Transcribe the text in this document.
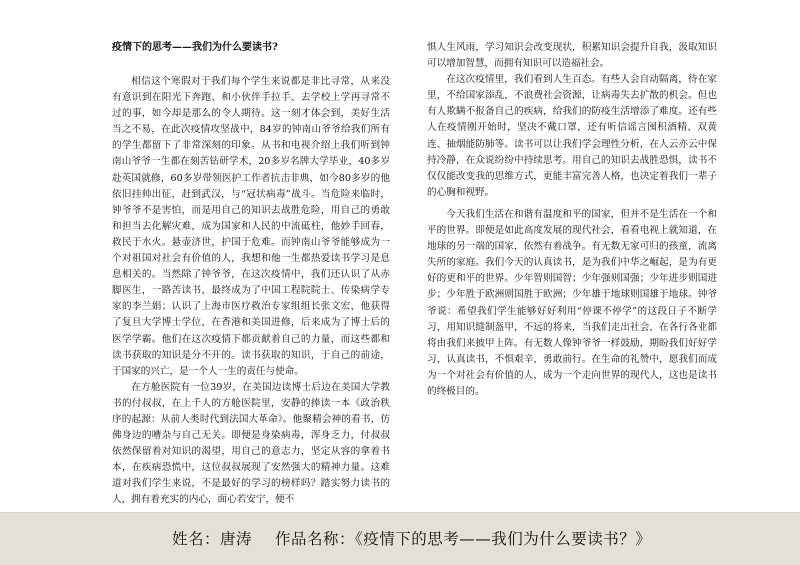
疫情下的思考——我们为什么要读书?

相信这个寒假对于我们每个学生来说都是非比寻常，从来没有意识到在阳光下奔跑、和小伙伴手拉手、去学校上学再寻常不过的事，如今却是那么的令人期待。这一刻才体会到，美好生活当之不易，在此次疫情攻坚战中，84岁的钟南山爷爷给我们所有的学生都留下了非常深刻的印象。从书和电视介绍上我们听到钟南山爷爷一生都在刻苦钻研学术，20多岁名牌大学毕业，40多岁赴英国就修，60多岁带领医护工作者抗击非典，如今80多岁的他依旧挂帅出征，赶到武汉，与“冠状病毒”战斗。当危险来临时，钟爷爷不是害怕，而是用自己的知识去战胜危险，用自己的勇敢和担当去化解灾难，成为国家和人民的中流砥柱，他妙手回春，救民于水火。悬壶济世，护国于危难。而钟南山爷爷能够成为一个对祖国对社会有价值的人，我想和他一生都热爱读书学习是息息相关的。当然除了钟爷爷，在这次疫情中，我们还认识了从赤脚医生，一路苦读书，最终成为了中国工程院院士、传染病学专家的李兰娟；认识了上海市医疗救治专家组组长张文宏，他获得了复旦大学博士学位，在香港和美国进修，后来成为了博士后的医学学霸。他们在这次疫情下都贡献着自己的力量，而这些都和读书获取的知识是分不开的。读书获取的知识，于自己的前途，于国家的兴亡，是一个人一生的责任与使命。

在方舱医院有一位39岁，在美国边读博士后边在美国大学教书的付叔叔，在上千人的方舱医院里，安静的捧读一本《政治秩序的起源：从前人类时代到法国大革命》。他聚精会神的看书，仿佛身边的嘈杂与自己无关。即便是身染病毒，浑身乏力，付叔叔依然保留着对知识的渴望，用自己的意志力，坚定从容的拿着书本，在疾病恐慌中，这位叔叔展现了安然强大的精神力量。这难道对我们学生来说，不是最好的学习的榜样吗？踏实努力读书的人，拥有着充实的内心，面心若安宁，便不

惧人生风雨，学习知识会改变现状，积累知识会提升自我，汲取知识可以增加智慧，而拥有知识可以造福社会。

在这次疫情里，我们看到人生百态。有些人会自动隔离，待在家里，不给国家添乱，不浪费社会资源，让病毒失去扩散的机会。但也有人欺瞒不报备自己的疾病，给我们的防疫生活增添了难度。还有些人在疫情刚开始时，坚决不戴口罩，还有听信谣言囤积酒精、双黄连、抽烟能防肺等。读书可以让我们学会理性分析，在人云亦云中保持冷静，在众说纷纷中持续思考。用自己的知识去战胜恐惧，读书不仅仅能改变我的思维方式，更能丰富完善人格，也决定着我们一辈子的心胸和视野。

今天我们生活在和谐有温度和平的国家，但并不是生活在一个和平的世界。即便是如此高度发展的现代社会，看看电视上就知道，在地球的另一端的国家，依然有着战争。有无数无家可归的孩童，流离失所的家庭。我们今天的认真读书，是为我们中华之崛起，是为有更好的更和平的世界。少年智则国智；少年强则国强；少年进步则国进步；少年胜于欧洲则国胜于欧洲；少年雄于地球则国雄于地球。钟爷爷说：希望我们学生能够好好利用“停课不停学”的这段日子不断学习，用知识缝制盔甲，不远的将来，当我们走出社会，在各行各业都将由我们来披甲上阵。有无数人像钟爷爷一样鼓励，期盼我们好好学习，认真读书，不惧艰辛，勇敢前行。在生命的礼赞中，愿我们而成为一个对社会有价值的人，成为一个走向世界的现代人，这也是读书的终极目的。

姓名：唐涛 作品名称：《疫情下的思考——我们为什么要读书？》
